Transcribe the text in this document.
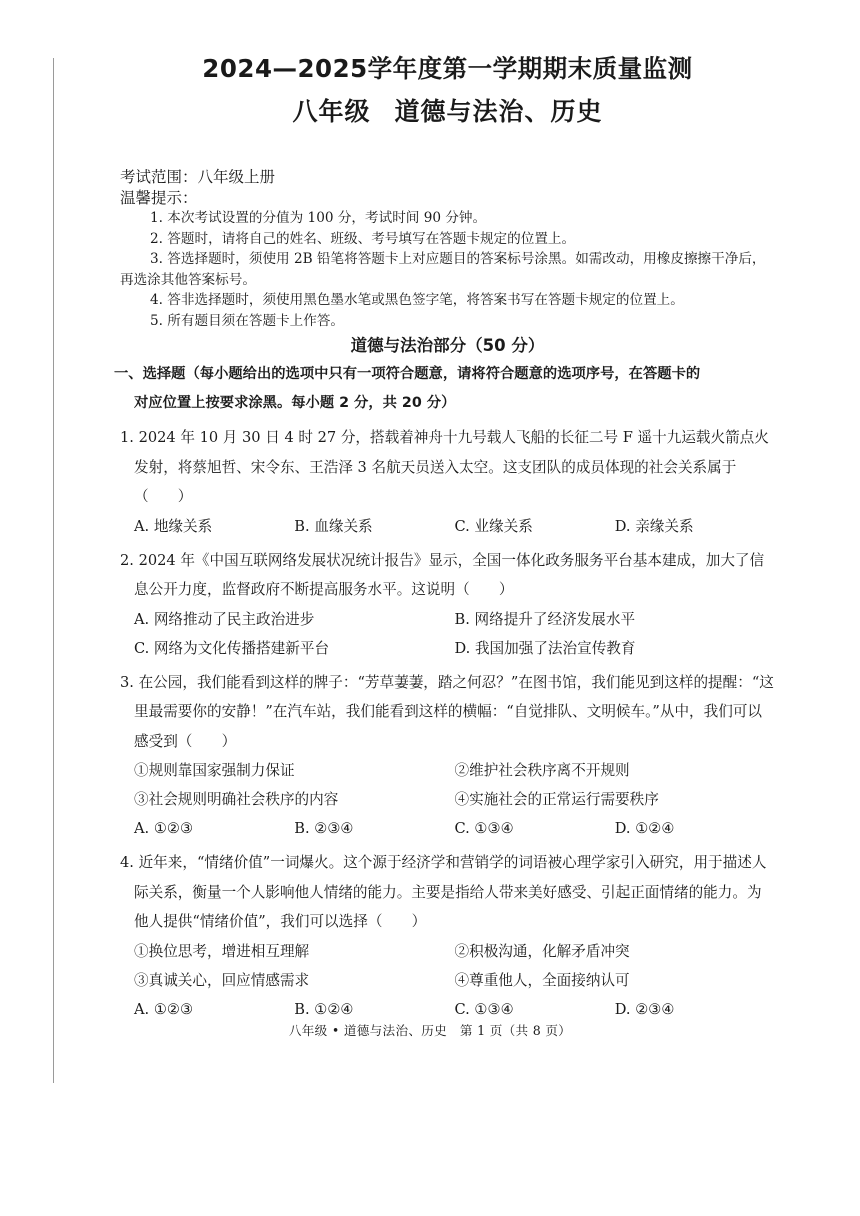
2024—2025学年度第一学期期末质量监测
八年级 道德与法治、历史
考试范围：八年级上册
温馨提示：
1. 本次考试设置的分值为 100 分，考试时间 90 分钟。
2. 答题时，请将自己的姓名、班级、考号填写在答题卡规定的位置上。
3. 答选择题时，须使用 2B 铅笔将答题卡上对应题目的答案标号涂黑。如需改动，用橡皮擦擦干净后，再选涂其他答案标号。
4. 答非选择题时，须使用黑色墨水笔或黑色签字笔，将答案书写在答题卡规定的位置上。
5. 所有题目须在答题卡上作答。
道德与法治部分（50 分）
一、选择题（每小题给出的选项中只有一项符合题意，请将符合题意的选项序号，在答题卡的
对应位置上按要求涂黑。每小题 2 分，共 20 分）
1. 2024 年 10 月 30 日 4 时 27 分，搭载着神舟十九号载人飞船的长征二号 F 遥十九运载火箭点火发射，将蔡旭哲、宋令东、王浩泽 3 名航天员送入太空。这支团队的成员体现的社会关系属于（　　）
A. 地缘关系	B. 血缘关系	C. 业缘关系	D. 亲缘关系
2. 2024 年《中国互联网络发展状况统计报告》显示，全国一体化政务服务平台基本建成，加大了信息公开力度，监督政府不断提高服务水平。这说明（　　）
A. 网络推动了民主政治进步	B. 网络提升了经济发展水平
C. 网络为文化传播搭建新平台	D. 我国加强了法治宣传教育
3. 在公园，我们能看到这样的牌子：“芳草萋萋，踏之何忍？”在图书馆，我们能见到这样的提醒：“这里最需要你的安静！”在汽车站，我们能看到这样的横幅：“自觉排队、文明候车。”从中，我们可以感受到（　　）
①规则靠国家强制力保证	②维护社会秩序离不开规则
③社会规则明确社会秩序的内容	④实施社会的正常运行需要秩序
A. ①②③	B. ②③④	C. ①③④	D. ①②④
4. 近年来，“情绪价值”一词爆火。这个源于经济学和营销学的词语被心理学家引入研究，用于描述人际关系，衡量一个人影响他人情绪的能力。主要是指给人带来美好感受、引起正面情绪的能力。为他人提供“情绪价值”，我们可以选择（　　）
①换位思考，增进相互理解	②积极沟通，化解矛盾冲突
③真诚关心，回应情感需求	④尊重他人，全面接纳认可
A. ①②③	B. ①②④	C. ①③④	D. ②③④
八年级 • 道德与法治、历史　第 1 页（共 8 页）
